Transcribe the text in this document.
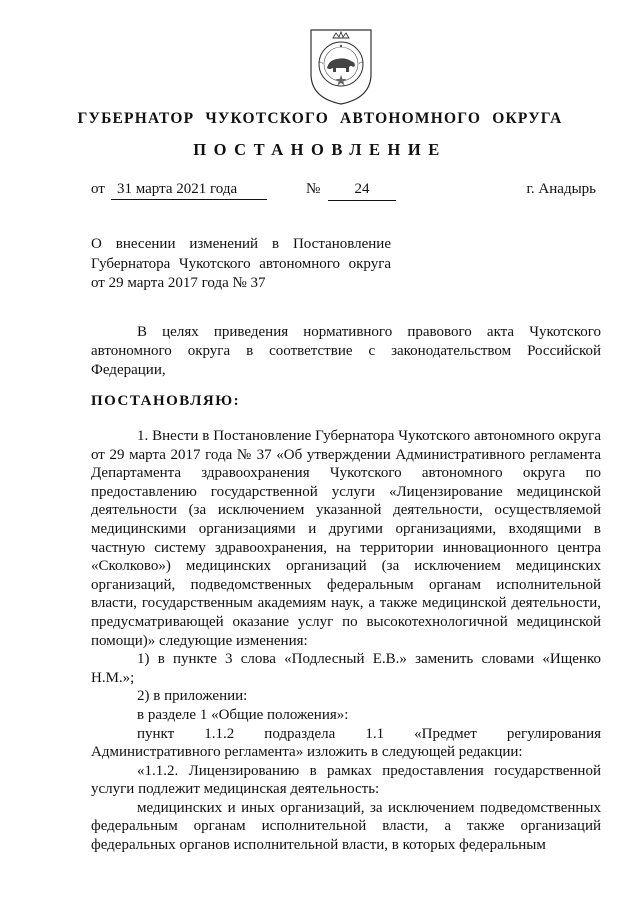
ГУБЕРНАТОР ЧУКОТСКОГО АВТОНОМНОГО ОКРУГА
ПОСТАНОВЛЕНИЕ
от 31 марта 2021 года	№	24	г. Анадырь
О внесении изменений в Постановление Губернатора Чукотского автономного округа от 29 марта 2017 года № 37
В целях приведения нормативного правового акта Чукотского автономного округа в соответствие с законодательством Российской Федерации,
ПОСТАНОВЛЯЮ:

1. Внести в Постановление Губернатора Чукотского автономного округа от 29 марта 2017 года № 37 «Об утверждении Административного регламента Департамента здравоохранения Чукотского автономного округа по предоставлению государственной услуги «Лицензирование медицинской деятельности (за исключением указанной деятельности, осуществляемой медицинскими организациями и другими организациями, входящими в частную систему здравоохранения, на территории инновационного центра «Сколково») медицинских организаций (за исключением медицинских организаций, подведомственных федеральным органам исполнительной власти, государственным академиям наук, а также медицинской деятельности, предусматривающей оказание услуг по высокотехнологичной медицинской помощи)» следующие изменения:

1) в пункте 3 слова «Подлесный Е.В.» заменить словами «Ищенко Н.М.»;

2) в приложении:

в разделе 1 «Общие положения»:

пункт 1.1.2 подраздела 1.1 «Предмет регулирования Административного регламента» изложить в следующей редакции:

«1.1.2. Лицензированию в рамках предоставления государственной услуги подлежит медицинская деятельность:

медицинских и иных организаций, за исключением подведомственных федеральным органам исполнительной власти, а также организаций федеральных органов исполнительной власти, в которых федеральным
